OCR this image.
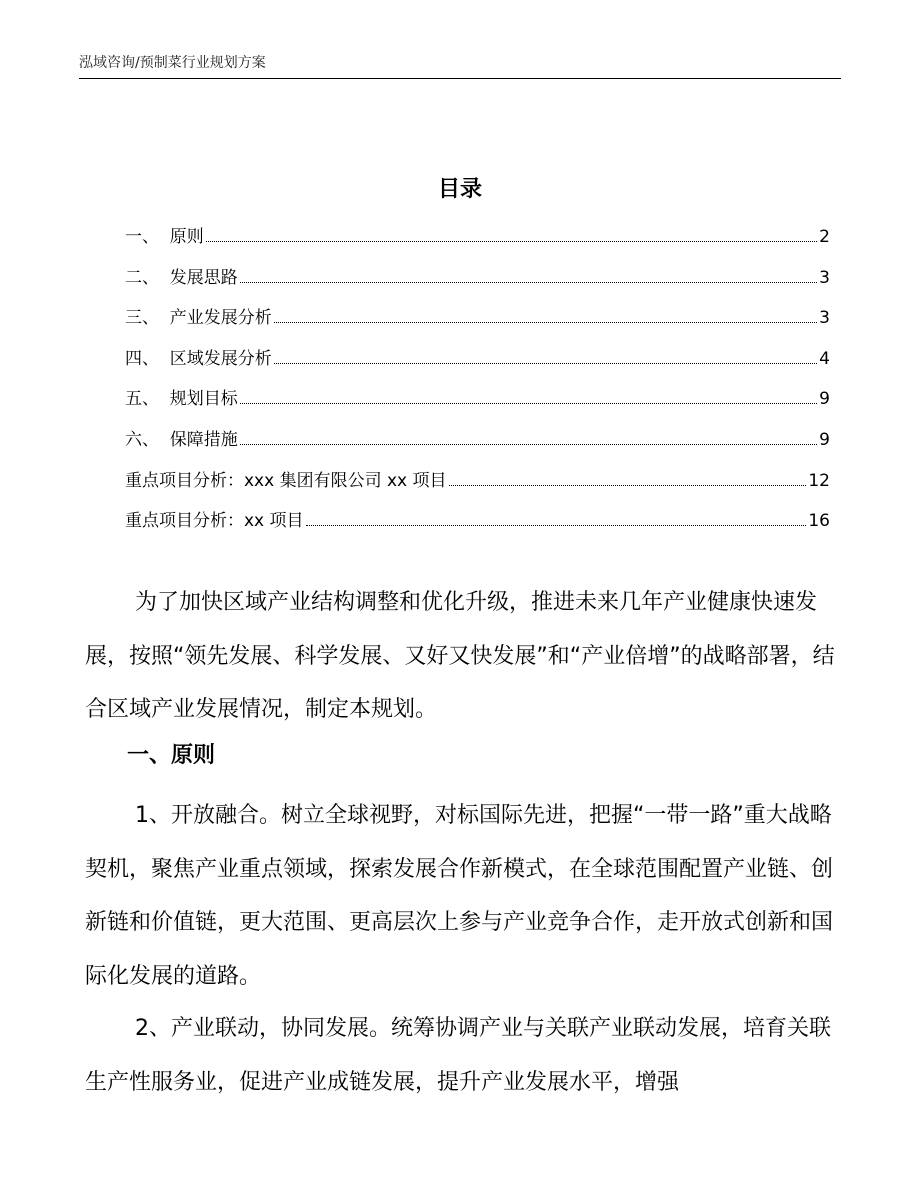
泓域咨询/预制菜行业规划方案
目录
一、  原则	2
二、  发展思路	3
三、  产业发展分析	3
四、  区域发展分析	4
五、  规划目标	9
六、  保障措施	9
重点项目分析：xxx 集团有限公司 xx 项目	12
重点项目分析：xx 项目	16
为了加快区域产业结构调整和优化升级，推进未来几年产业健康快速发展，按照“领先发展、科学发展、又好又快发展”和“产业倍增”的战略部署，结合区域产业发展情况，制定本规划。
一、原则
1、开放融合。树立全球视野，对标国际先进，把握“一带一路”重大战略契机，聚焦产业重点领域，探索发展合作新模式，在全球范围配置产业链、创新链和价值链，更大范围、更高层次上参与产业竞争合作，走开放式创新和国际化发展的道路。
2、产业联动，协同发展。统筹协调产业与关联产业联动发展，培育关联生产性服务业，促进产业成链发展，提升产业发展水平，增强
